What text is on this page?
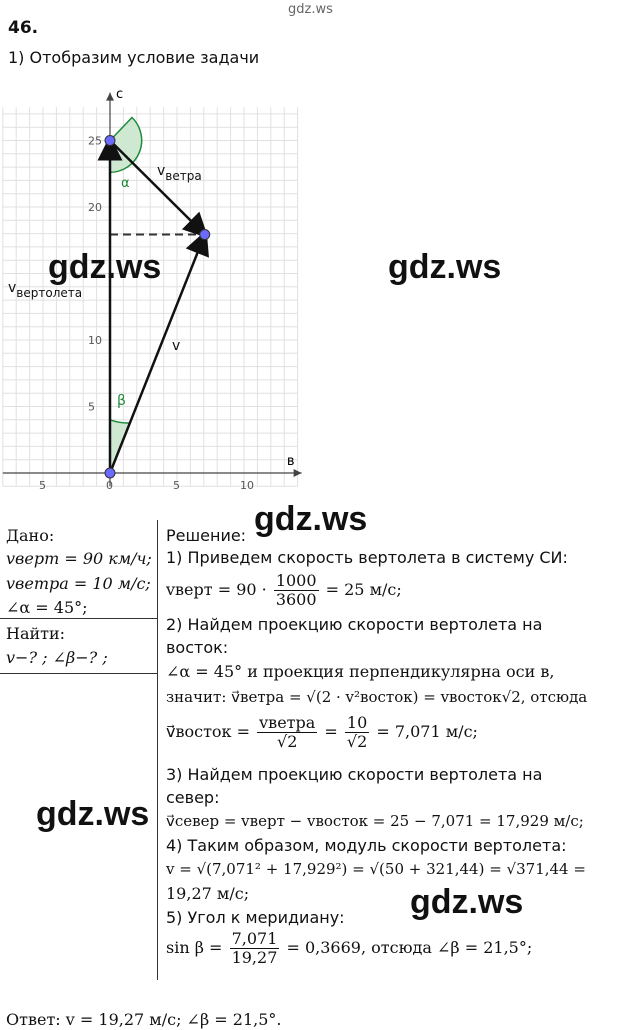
gdz.ws
46.
1) Отобразим условие задачи
в
с
5	0	5	10
25
20
10
5
vветра
vвертолета
v
α
β
gdz.ws	gdz.ws
gdz.ws
gdz.ws
gdz.ws
Дано:
vверт = 90 км/ч;
vветра = 10 м/с;
∠α = 45°;
Найти:
v−? ; ∠β−? ;
Решение:
1) Приведем скорость вертолета в систему СИ:
vверт = $90 \cdot \frac{1000}{3600} = 25$ м/с;
2) Найдем проекцию скорости вертолета на
восток:
∠α = 45° и проекция перпендикулярна оси в,
значит: v⃗ветра = √(2 · v²восток) = vвосток√2, отсюда
v⃗восток = $\frac{\text{vветра}}{√2} = \frac{10}{√2} = 7,071$ м/с;
3) Найдем проекцию скорости вертолета на
север:
v⃗север = vверт − vвосток = 25 − 7,071 = 17,929 м/с;
4) Таким образом, модуль скорости вертолета:
v = √(7,071² + 17,929²) = √(50 + 321,44) = √371,44 =
19,27 м/с;
5) Угол к меридиану:
$\sin \beta = \frac{7,071}{19,27} = 0,3669$, отсюда ∠β = 21,5°;
Ответ: v = 19,27 м/с; ∠β = 21,5°.
